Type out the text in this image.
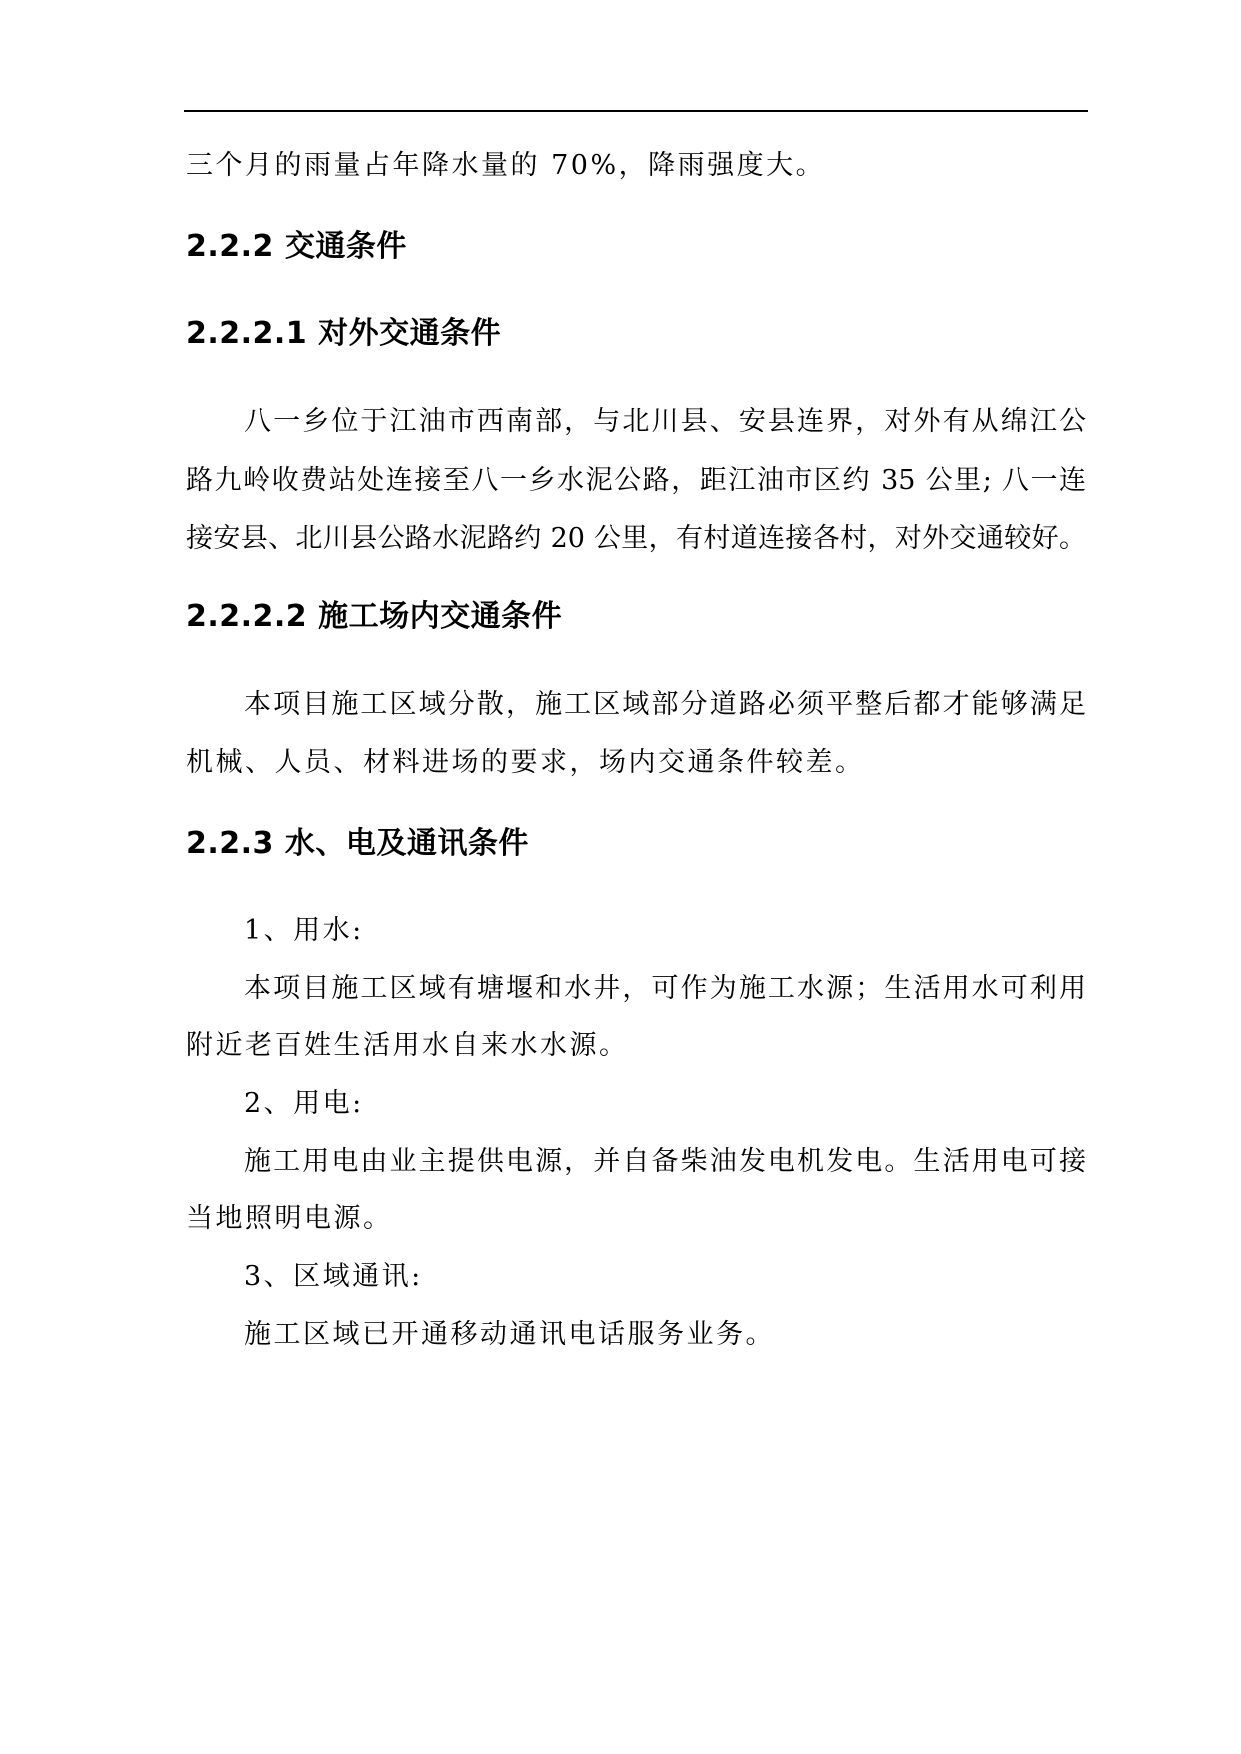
三个月的雨量占年降水量的 70%，降雨强度大。
2.2.2 交通条件
2.2.2.1 对外交通条件
八一乡位于江油市西南部，与北川县、安县连界，对外有从绵江公
路九岭收费站处连接至八一乡水泥公路，距江油市区约 35 公里; 八一连
接安县、北川县公路水泥路约 20 公里，有村道连接各村，对外交通较好。
2.2.2.2 施工场内交通条件
本项目施工区域分散，施工区域部分道路必须平整后都才能够满足
机械、人员、材料进场的要求，场内交通条件较差。
2.2.3 水、电及通讯条件
1、用水:
本项目施工区域有塘堰和水井，可作为施工水源；生活用水可利用
附近老百姓生活用水自来水水源。
2、用电:
施工用电由业主提供电源，并自备柴油发电机发电。生活用电可接
当地照明电源。
3、区域通讯:
施工区域已开通移动通讯电话服务业务。
